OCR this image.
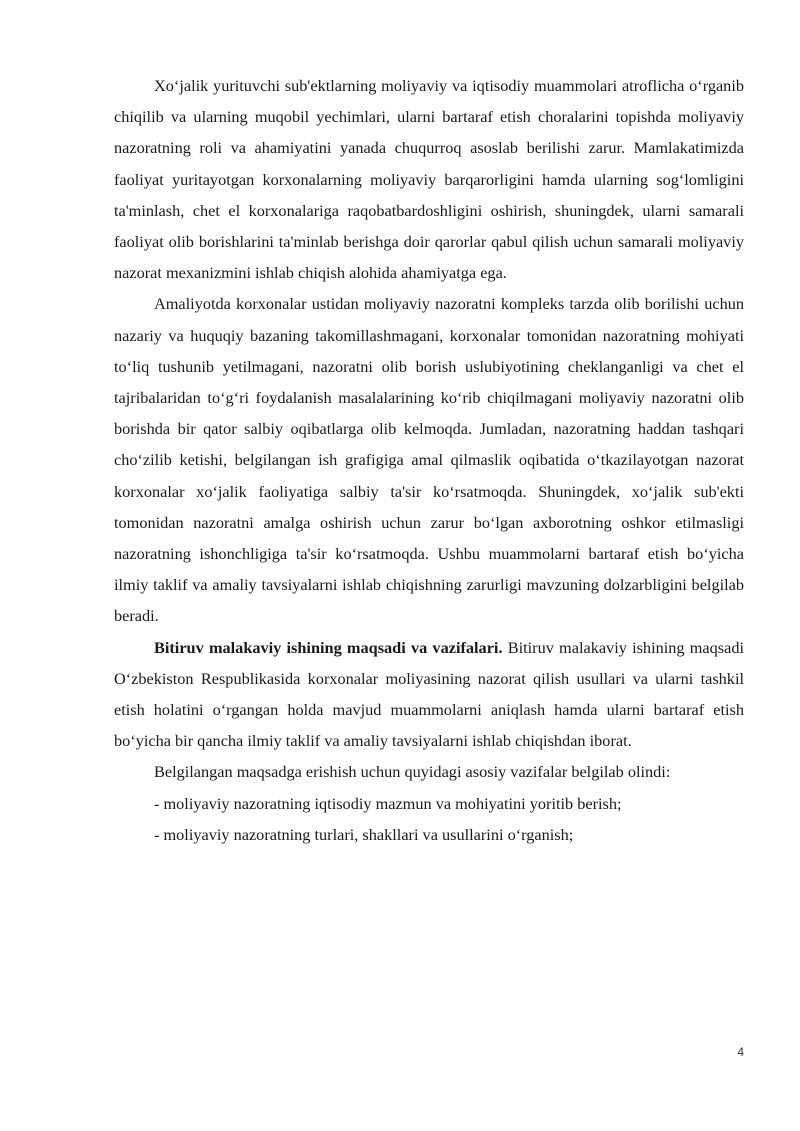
Xo‘jalik yurituvchi sub'ektlarning moliyaviy va iqtisodiy muammolari atroflicha o‘rganib chiqilib va ularning muqobil yechimlari, ularni bartaraf etish choralarini topishda moliyaviy nazoratning roli va ahamiyatini yanada chuqurroq asoslab berilishi zarur. Mamlakatimizda faoliyat yuritayotgan korxonalarning moliyaviy barqarorligini hamda ularning sog‘lomligini ta'minlash, chet el korxonalariga raqobatbardoshligini oshirish, shuningdek, ularni samarali faoliyat olib borishlarini ta'minlab berishga doir qarorlar qabul qilish uchun samarali moliyaviy nazorat mexanizmini ishlab chiqish alohida ahamiyatga ega.

Amaliyotda korxonalar ustidan moliyaviy nazoratni kompleks tarzda olib borilishi uchun nazariy va huquqiy bazaning takomillashmagani, korxonalar tomonidan nazoratning mohiyati to‘liq tushunib yetilmagani, nazoratni olib borish uslubiyotining cheklanganligi va chet el tajribalaridan to‘g‘ri foydalanish masalalarining ko‘rib chiqilmagani moliyaviy nazoratni olib borishda bir qator salbiy oqibatlarga olib kelmoqda. Jumladan, nazoratning haddan tashqari cho‘zilib ketishi, belgilangan ish grafigiga amal qilmaslik oqibatida o‘tkazilayotgan nazorat korxonalar xo‘jalik faoliyatiga salbiy ta'sir ko‘rsatmoqda. Shuningdek, xo‘jalik sub'ekti tomonidan nazoratni amalga oshirish uchun zarur bo‘lgan axborotning oshkor etilmasligi nazoratning ishonchligiga ta'sir ko‘rsatmoqda. Ushbu muammolarni bartaraf etish bo‘yicha ilmiy taklif va amaliy tavsiyalarni ishlab chiqishning zarurligi mavzuning dolzarbligini belgilab beradi.

Bitiruv malakaviy ishining maqsadi va vazifalari. Bitiruv malakaviy ishining maqsadi O‘zbekiston Respublikasida korxonalar moliyasining nazorat qilish usullari va ularni tashkil etish holatini o‘rgangan holda mavjud muammolarni aniqlash hamda ularni bartaraf etish bo‘yicha bir qancha ilmiy taklif va amaliy tavsiyalarni ishlab chiqishdan iborat.

Belgilangan maqsadga erishish uchun quyidagi asosiy vazifalar belgilab olindi:

- moliyaviy nazoratning iqtisodiy mazmun va mohiyatini yoritib berish;

- moliyaviy nazoratning turlari, shakllari va usullarini o‘rganish;

4
